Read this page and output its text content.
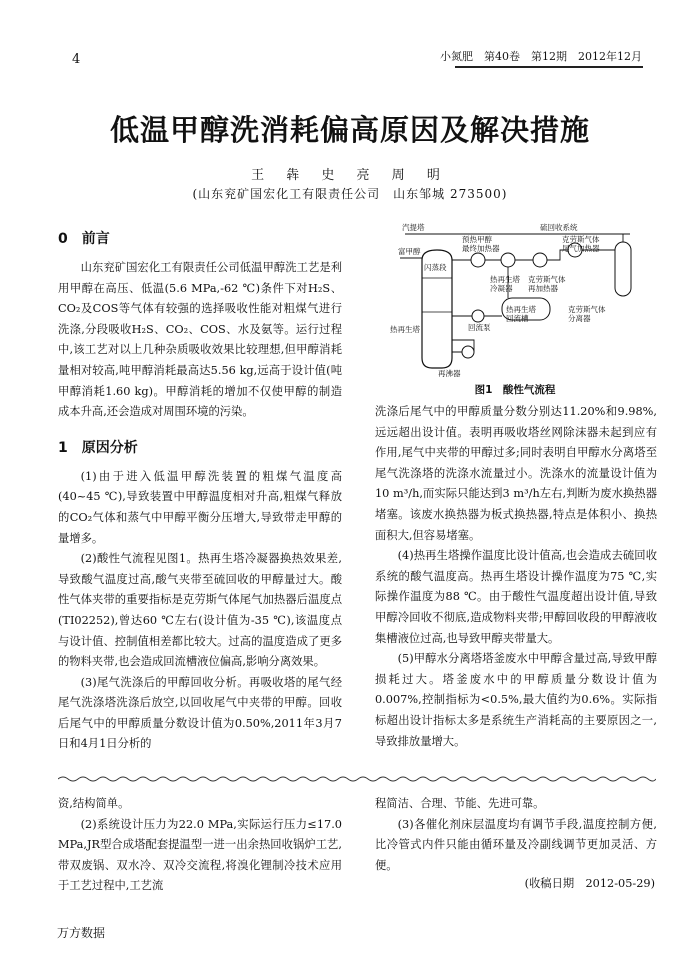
4	小氮肥　第40卷　第12期　2012年12月
低温甲醇洗消耗偏高原因及解决措施
王 犇 史 亮 周 明
(山东兖矿国宏化工有限责任公司　山东邹城 273500)
0　前言

山东兖矿国宏化工有限责任公司低温甲醇洗工艺是利用甲醇在高压、低温(5.6 MPa,-62 ℃)条件下对H₂S、CO₂及COS等气体有较强的选择吸收性能对粗煤气进行洗涤,分段吸收H₂S、CO₂、COS、水及氨等。运行过程中,该工艺对以上几种杂质吸收效果比较理想,但甲醇消耗量相对较高,吨甲醇消耗最高达5.56 kg,远高于设计值(吨甲醇消耗1.60 kg)。甲醇消耗的增加不仅使甲醇的制造成本升高,还会造成对周围环境的污染。

1　原因分析

(1)由于进入低温甲醇洗装置的粗煤气温度高(40~45 ℃),导致装置中甲醇温度相对升高,粗煤气释放的CO₂气体和蒸气中甲醇平衡分压增大,导致带走甲醇的量增多。

(2)酸性气流程见图1。热再生塔冷凝器换热效果差,导致酸气温度过高,酸气夹带至硫回收的甲醇量过大。酸性气体夹带的重要指标是克劳斯气体尾气加热器后温度点(TI02252),曾达60 ℃左右(设计值为-35 ℃),该温度点与设计值、控制值相差都比较大。过高的温度造成了更多的物料夹带,也会造成回流槽液位偏高,影响分离效果。

(3)尾气洗涤后的甲醇回收分析。再吸收塔的尾气经尾气洗涤塔洗涤后放空,以回收尾气中夹带的甲醇。回收后尾气中的甲醇质量分数设计值为0.50%,2011年3月7日和4月1日分析的

汽提塔
富甲醇
闪蒸段
预热甲醇最终加热器
硫回收系统
克劳斯气体尾气加热器
热再生塔冷凝器
克劳斯气体再加热器
回流泵
热再生塔回流槽
克劳斯气体分离器
热再生塔
再沸器
图1　酸性气流程

洗涤后尾气中的甲醇质量分数分别达11.20%和9.98%,远远超出设计值。表明再吸收塔丝网除沫器未起到应有作用,尾气中夹带的甲醇过多;同时表明自甲醇水分离塔至尾气洗涤塔的洗涤水流量过小。洗涤水的流量设计值为10 m³/h,而实际只能达到3 m³/h左右,判断为废水换热器堵塞。该废水换热器为板式换热器,特点是体积小、换热面积大,但容易堵塞。

(4)热再生塔操作温度比设计值高,也会造成去硫回收系统的酸气温度高。热再生塔设计操作温度为75 ℃,实际操作温度为88 ℃。由于酸性气温度超出设计值,导致甲醇冷回收不彻底,造成物料夹带;甲醇回收段的甲醇液收集槽液位过高,也导致甲醇夹带量大。

(5)甲醇水分离塔塔釜废水中甲醇含量过高,导致甲醇损耗过大。塔釜废水中的甲醇质量分数设计值为0.007%,控制指标为<0.5%,最大值约为0.6%。实际指标超出设计指标太多是系统生产消耗高的主要原因之一,导致排放量增大。

资,结构简单。

(2)系统设计压力为22.0 MPa,实际运行压力≤17.0 MPa,JR型合成塔配套提温型一进一出余热回收锅炉工艺,带双废锅、双水冷、双冷交流程,将溴化锂制冷技术应用于工艺过程中,工艺流

程简洁、合理、节能、先进可靠。

(3)各催化剂床层温度均有调节手段,温度控制方便,比冷管式内件只能由循环量及冷副线调节更加灵活、方便。

(收稿日期　2012-05-29)
万方数据
